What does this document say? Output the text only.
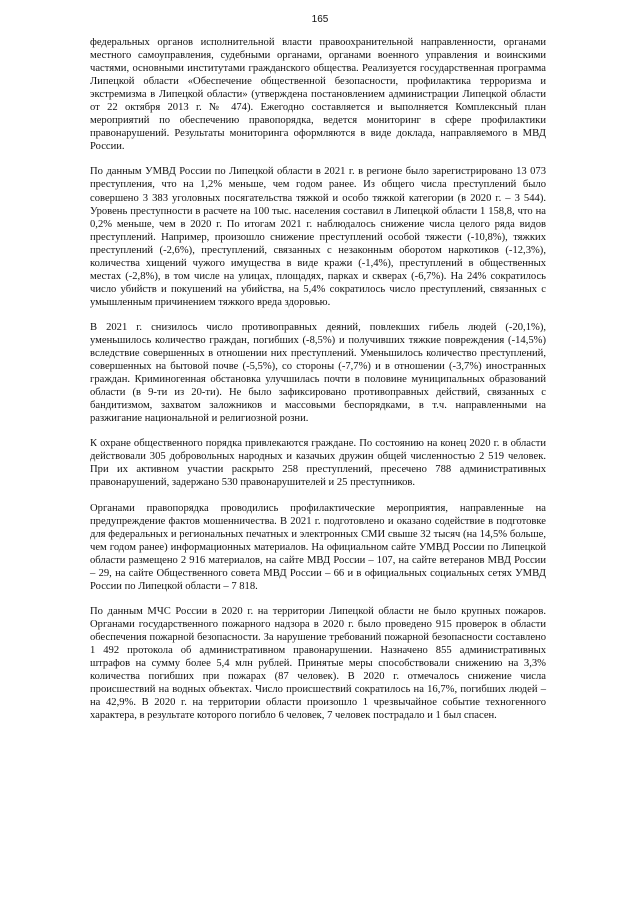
165

федеральных органов исполнительной власти правоохранительной направленности, органами местного самоуправления, судебными органами, органами военного управления и воинскими частями, основными институтами гражданского общества. Реализуется государственная программа Липецкой области «Обеспечение общественной безопасности, профилактика терроризма и экстремизма в Липецкой области» (утверждена постановлением администрации Липецкой области от 22 октября 2013 г. № 474). Ежегодно составляется и выполняется Комплексный план мероприятий по обеспечению правопорядка, ведется мониторинг в сфере профилактики правонарушений. Результаты мониторинга оформляются в виде доклада, направляемого в МВД России.

По данным УМВД России по Липецкой области в 2021 г. в регионе было зарегистрировано 13 073 преступления, что на 1,2% меньше, чем годом ранее. Из общего числа преступлений было совершено 3 383 уголовных посягательства тяжкой и особо тяжкой категории (в 2020 г. – 3 544). Уровень преступности в расчете на 100 тыс. населения составил в Липецкой области 1 158,8, что на 0,2% меньше, чем в 2020 г. По итогам 2021 г. наблюдалось снижение числа целого ряда видов преступлений. Например, произошло снижение преступлений особой тяжести (-10,8%), тяжких преступлений (-2,6%), преступлений, связанных с незаконным оборотом наркотиков (-12,3%), количества хищений чужого имущества в виде кражи (-1,4%), преступлений в общественных местах (-2,8%), в том числе на улицах, площадях, парках и скверах (-6,7%). На 24% сократилось число убийств и покушений на убийства, на 5,4% сократилось число преступлений, связанных с умышленным причинением тяжкого вреда здоровью.

В 2021 г. снизилось число противоправных деяний, повлекших гибель людей (-20,1%), уменьшилось количество граждан, погибших (-8,5%) и получивших тяжкие повреждения (-14,5%) вследствие совершенных в отношении них преступлений. Уменьшилось количество преступлений, совершенных на бытовой почве (-5,5%), со стороны (-7,7%) и в отношении (-3,7%) иностранных граждан. Криминогенная обстановка улучшилась почти в половине муниципальных образований области (в 9-ти из 20-ти). Не было зафиксировано противоправных действий, связанных с бандитизмом, захватом заложников и массовыми беспорядками, в т.ч. направленными на разжигание национальной и религиозной розни.

К охране общественного порядка привлекаются граждане. По состоянию на конец 2020 г. в области действовали 305 добровольных народных и казачьих дружин общей численностью 2 519 человек. При их активном участии раскрыто 258 преступлений, пресечено 788 административных правонарушений, задержано 530 правонарушителей и 25 преступников.

Органами правопорядка проводились профилактические мероприятия, направленные на предупреждение фактов мошенничества. В 2021 г. подготовлено и оказано содействие в подготовке для федеральных и региональных печатных и электронных СМИ свыше 32 тысяч (на 14,5% больше, чем годом ранее) информационных материалов. На официальном сайте УМВД России по Липецкой области размещено 2 916 материалов, на сайте МВД России – 107, на сайте ветеранов МВД России – 29, на сайте Общественного совета МВД России – 66 и в официальных социальных сетях УМВД России по Липецкой области – 7 818.

По данным МЧС России в 2020 г. на территории Липецкой области не было крупных пожаров. Органами государственного пожарного надзора в 2020 г. было проведено 915 проверок в области обеспечения пожарной безопасности. За нарушение требований пожарной безопасности составлено 1 492 протокола об административном правонарушении. Назначено 855 административных штрафов на сумму более 5,4 млн рублей. Принятые меры способствовали снижению на 3,3% количества погибших при пожарах (87 человек). В 2020 г. отмечалось снижение числа происшествий на водных объектах. Число происшествий сократилось на 16,7%, погибших людей – на 42,9%. В 2020 г. на территории области произошло 1 чрезвычайное событие техногенного характера, в результате которого погибло 6 человек, 7 человек пострадало и 1 был спасен.
